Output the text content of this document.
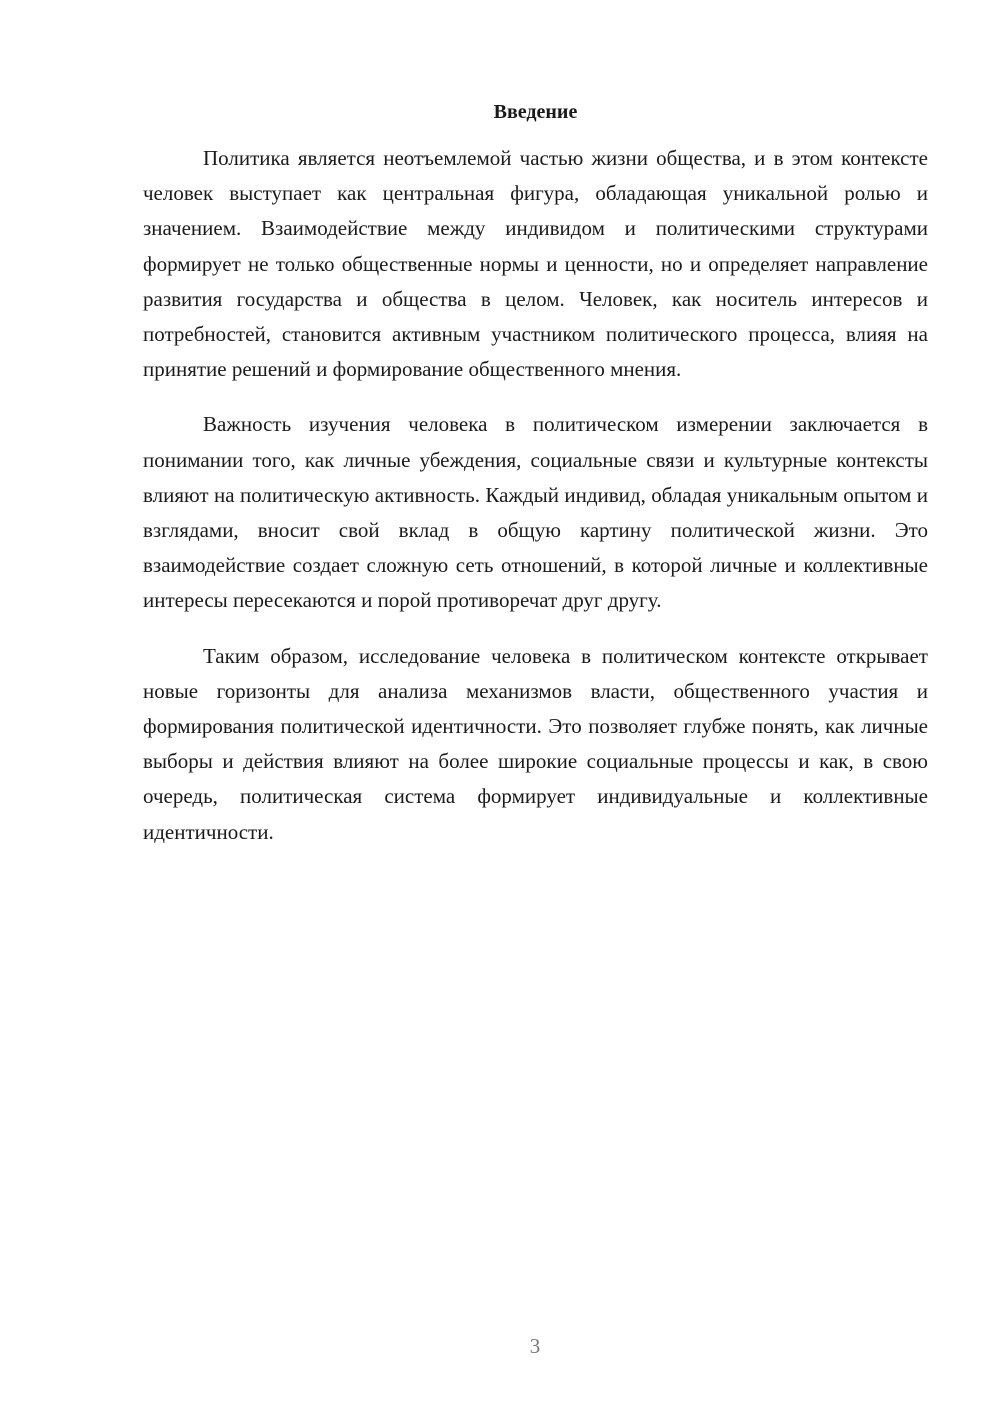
Введение

Политика является неотъемлемой частью жизни общества, и в этом контексте человек выступает как центральная фигура, обладающая уникальной ролью и значением. Взаимодействие между индивидом и политическими структурами формирует не только общественные нормы и ценности, но и определяет направление развития государства и общества в целом. Человек, как носитель интересов и потребностей, становится активным участником политического процесса, влияя на принятие решений и формирование общественного мнения.

Важность изучения человека в политическом измерении заключается в понимании того, как личные убеждения, социальные связи и культурные контексты влияют на политическую активность. Каждый индивид, обладая уникальным опытом и взглядами, вносит свой вклад в общую картину политической жизни. Это взаимодействие создает сложную сеть отношений, в которой личные и коллективные интересы пересекаются и порой противоречат друг другу.

Таким образом, исследование человека в политическом контексте открывает новые горизонты для анализа механизмов власти, общественного участия и формирования политической идентичности. Это позволяет глубже понять, как личные выборы и действия влияют на более широкие социальные процессы и как, в свою очередь, политическая система формирует индивидуальные и коллективные идентичности.

3
